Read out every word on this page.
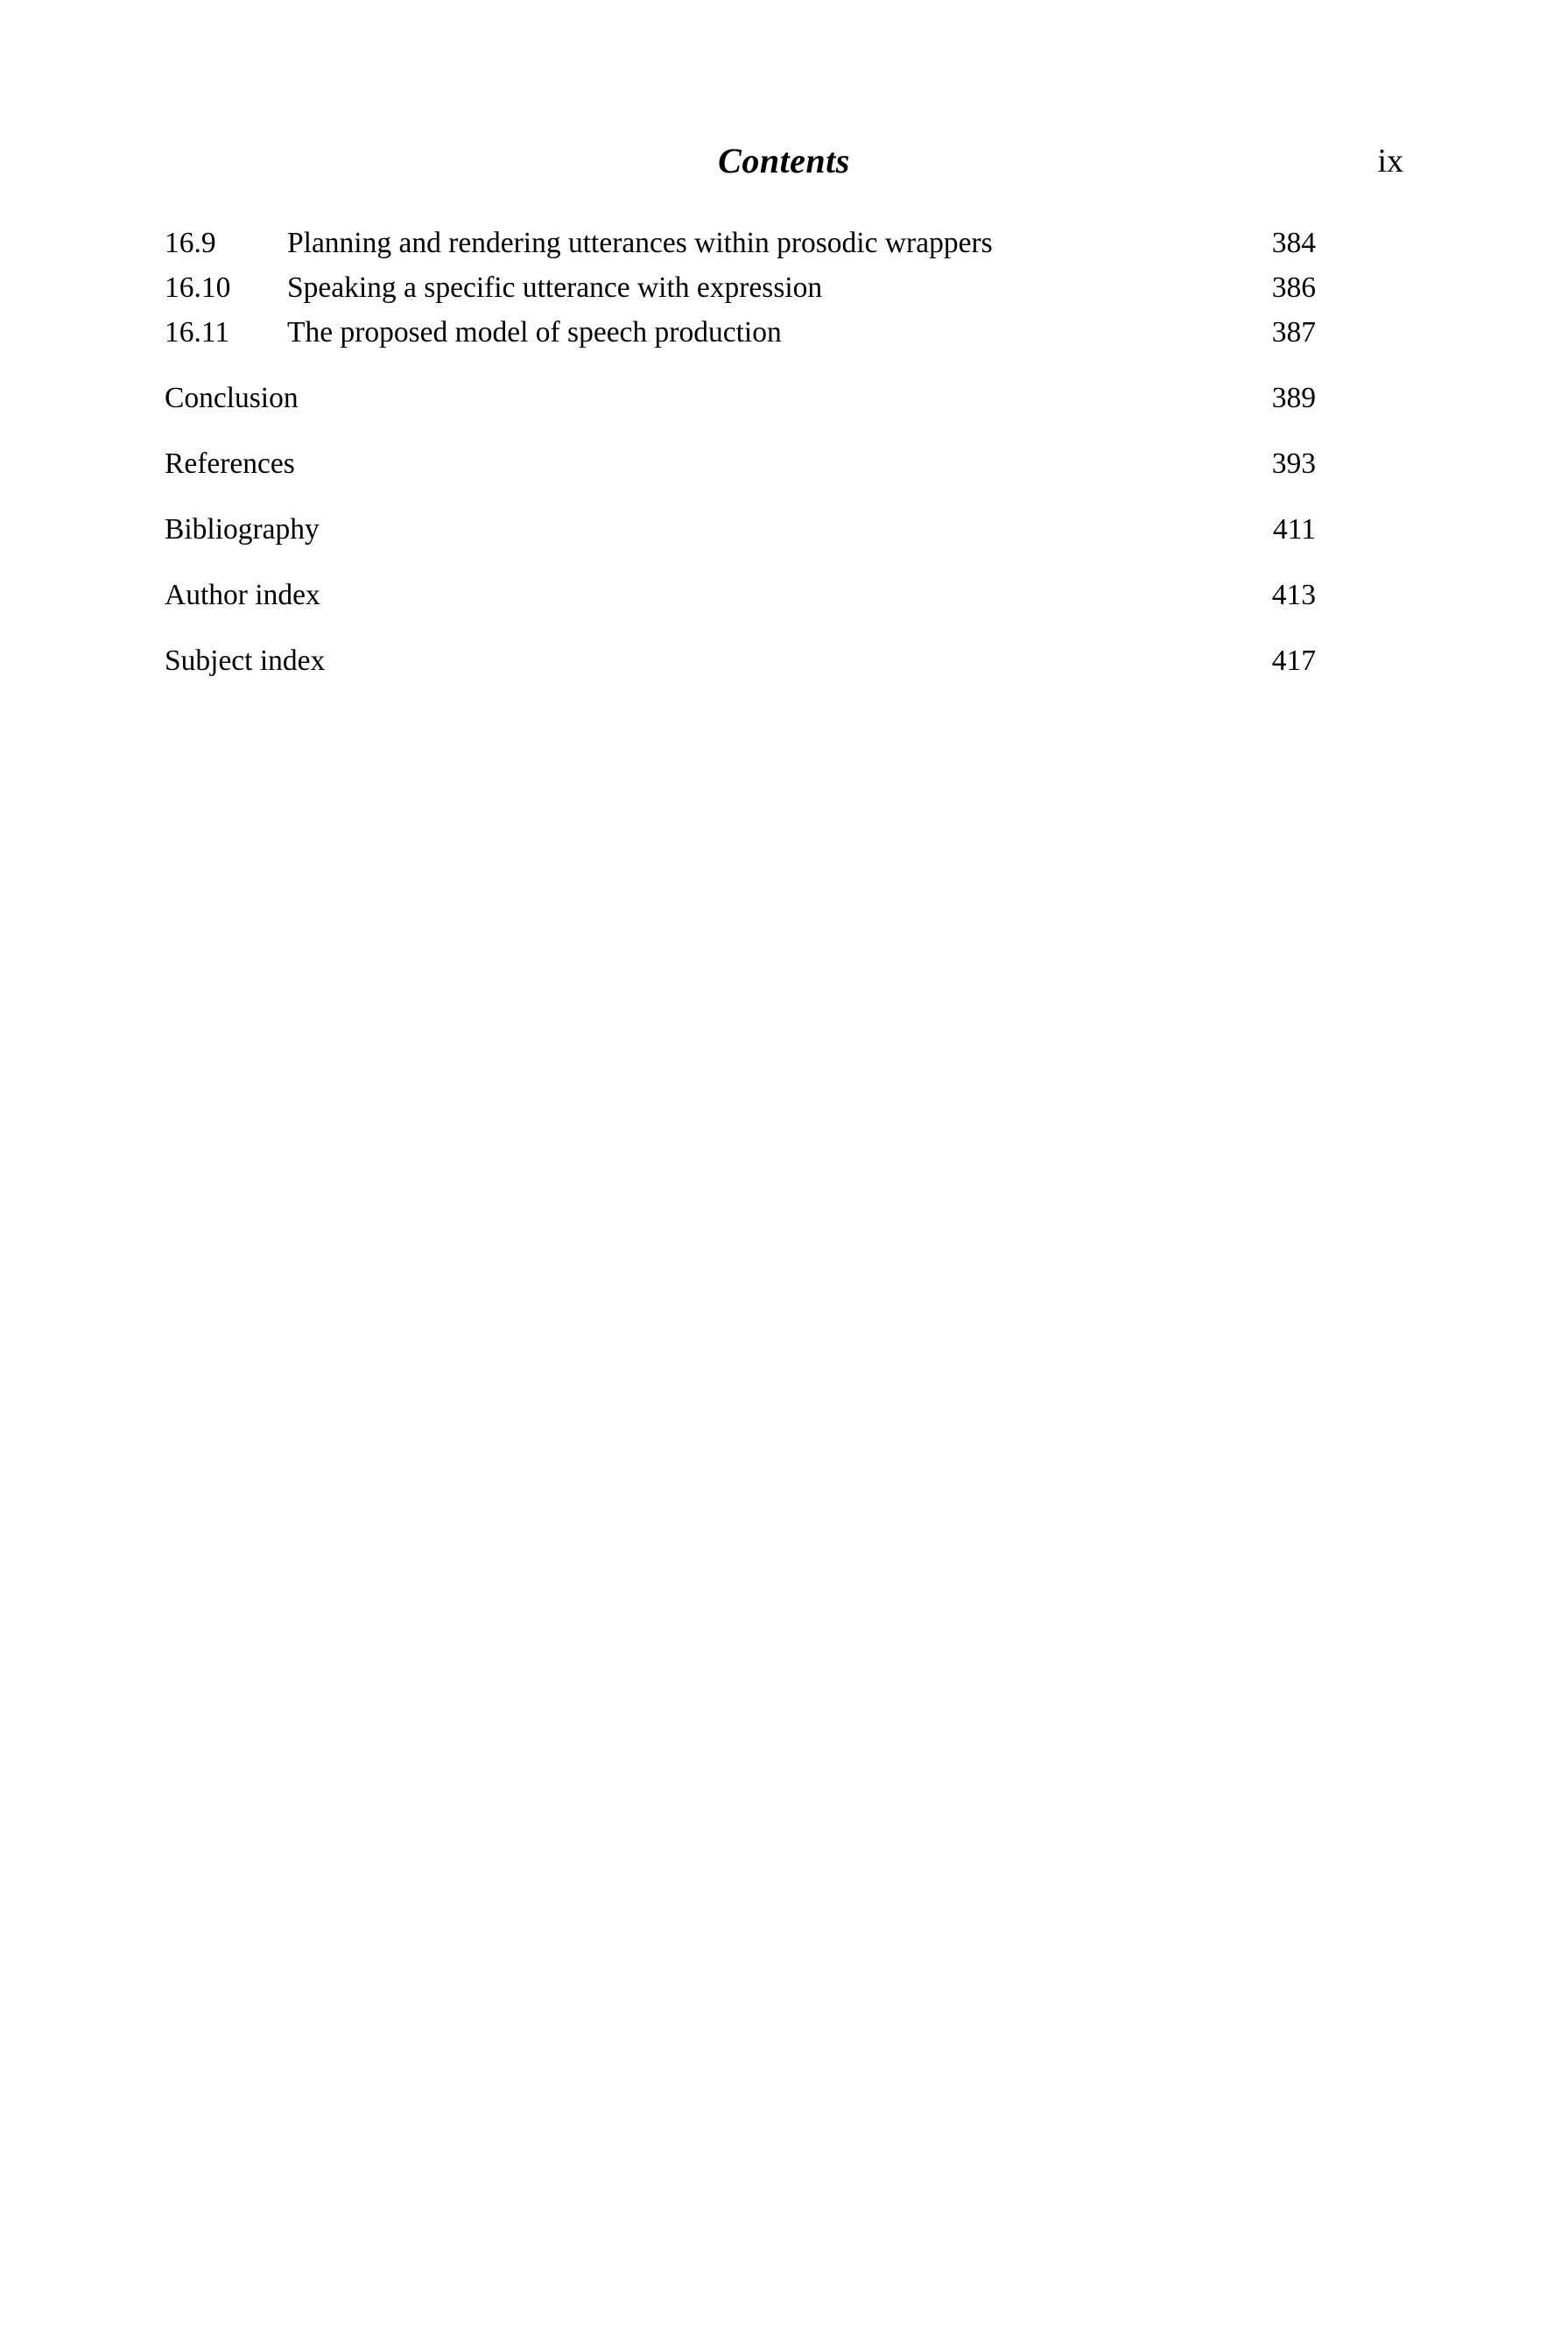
Contents	ix
16.9	Planning and rendering utterances within prosodic wrappers	384
16.10	Speaking a specific utterance with expression	386
16.11	The proposed model of speech production	387
Conclusion	389
References	393
Bibliography	411
Author index	413
Subject index	417
